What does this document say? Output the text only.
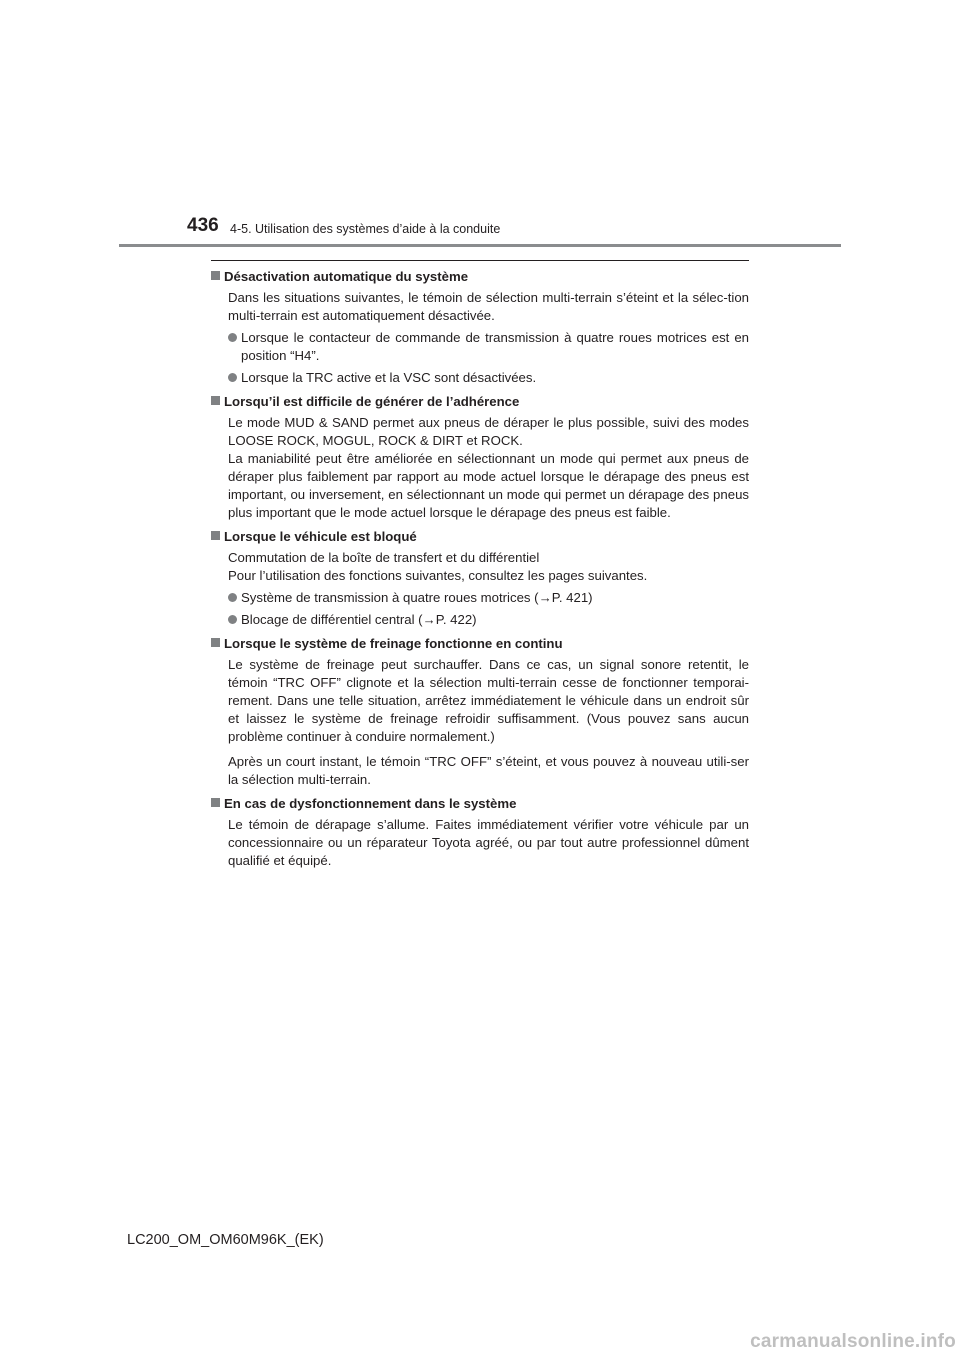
436 4-5. Utilisation des systèmes d’aide à la conduite
Désactivation automatique du système

Dans les situations suivantes, le témoin de sélection multi-terrain s’éteint et la sélec-tion multi-terrain est automatiquement désactivée.

Lorsque le contacteur de commande de transmission à quatre roues motrices est en position “H4”.
Lorsque la TRC active et la VSC sont désactivées.
Lorsqu’il est difficile de générer de l’adhérence

Le mode MUD & SAND permet aux pneus de déraper le plus possible, suivi des modes LOOSE ROCK, MOGUL, ROCK & DIRT et ROCK.

La maniabilité peut être améliorée en sélectionnant un mode qui permet aux pneus de déraper plus faiblement par rapport au mode actuel lorsque le dérapage des pneus est important, ou inversement, en sélectionnant un mode qui permet un dérapage des pneus plus important que le mode actuel lorsque le dérapage des pneus est faible.

Lorsque le véhicule est bloqué
Commutation de la boîte de transfert et du différentiel
Pour l’utilisation des fonctions suivantes, consultez les pages suivantes.
Système de transmission à quatre roues motrices (→P. 421)
Blocage de différentiel central (→P. 422)
Lorsque le système de freinage fonctionne en continu

Le système de freinage peut surchauffer. Dans ce cas, un signal sonore retentit, le témoin “TRC OFF” clignote et la sélection multi-terrain cesse de fonctionner temporai-rement. Dans une telle situation, arrêtez immédiatement le véhicule dans un endroit sûr et laissez le système de freinage refroidir suffisamment. (Vous pouvez sans aucun problème continuer à conduire normalement.)

Après un court instant, le témoin “TRC OFF” s’éteint, et vous pouvez à nouveau utili-ser la sélection multi-terrain.

En cas de dysfonctionnement dans le système

Le témoin de dérapage s’allume. Faites immédiatement vérifier votre véhicule par un concessionnaire ou un réparateur Toyota agréé, ou par tout autre professionnel dûment qualifié et équipé.

LC200_OM_OM60M96K_(EK)
carmanualsonline.info
